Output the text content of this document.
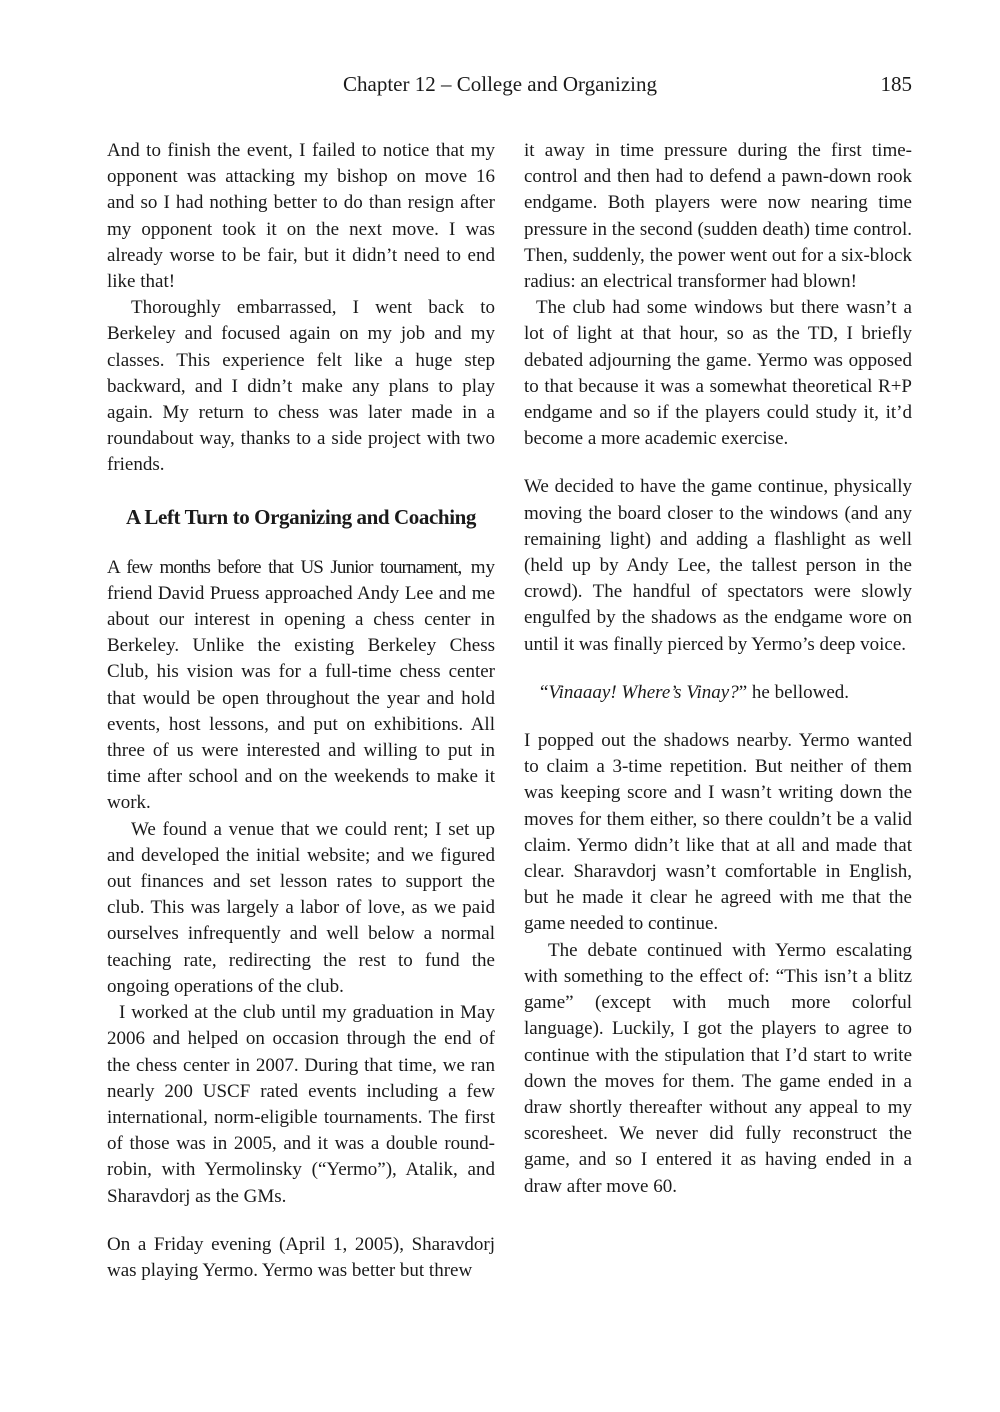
Chapter 12 – College and Organizing	185

And to finish the event, I failed to notice that my opponent was attacking my bishop on move 16 and so I had nothing better to do than resign after my opponent took it on the next move. I was already worse to be fair, but it didn’t need to end like that!

Thoroughly embarrassed, I went back to Berkeley and focused again on my job and my classes. This experience felt like a huge step backward, and I didn’t make any plans to play again. My return to chess was later made in a roundabout way, thanks to a side project with two friends.

A Left Turn to Organizing and Coaching

A few months before that US Junior tournament, my friend David Pruess approached Andy Lee and me about our interest in opening a chess center in Berkeley. Unlike the existing Berkeley Chess Club, his vision was for a full-time chess center that would be open throughout the year and hold events, host lessons, and put on exhibitions. All three of us were interested and willing to put in time after school and on the weekends to make it work.

We found a venue that we could rent; I set up and developed the initial website; and we figured out finances and set lesson rates to support the club. This was largely a labor of love, as we paid ourselves infrequently and well below a normal teaching rate, redirecting the rest to fund the ongoing operations of the club.

I worked at the club until my graduation in May 2006 and helped on occasion through the end of the chess center in 2007. During that time, we ran nearly 200 USCF rated events including a few international, norm-eligible tournaments. The first of those was in 2005, and it was a double round-robin, with Yermolinsky (“Yermo”), Atalik, and Sharavdorj as the GMs.

On a Friday evening (April 1, 2005), Sharavdorj was playing Yermo. Yermo was better but threw

it away in time pressure during the first time-control and then had to defend a pawn-down rook endgame. Both players were now nearing time pressure in the second (sudden death) time control. Then, suddenly, the power went out for a six-block radius: an electrical transformer had blown!

The club had some windows but there wasn’t a lot of light at that hour, so as the TD, I briefly debated adjourning the game. Yermo was opposed to that because it was a somewhat theoretical R+P endgame and so if the players could study it, it’d become a more academic exercise.

We decided to have the game continue, physically moving the board closer to the windows (and any remaining light) and adding a flashlight as well (held up by Andy Lee, the tallest person in the crowd). The handful of spectators were slowly engulfed by the shadows as the endgame wore on until it was finally pierced by Yermo’s deep voice.

“Vinaaay! Where’s Vinay?” he bellowed.

I popped out the shadows nearby. Yermo wanted to claim a 3-time repetition. But neither of them was keeping score and I wasn’t writing down the moves for them either, so there couldn’t be a valid claim. Yermo didn’t like that at all and made that clear. Sharavdorj wasn’t comfortable in English, but he made it clear he agreed with me that the game needed to continue.

The debate continued with Yermo escalating with something to the effect of: “This isn’t a blitz game” (except with much more colorful language). Luckily, I got the players to agree to continue with the stipulation that I’d start to write down the moves for them. The game ended in a draw shortly thereafter without any appeal to my scoresheet. We never did fully reconstruct the game, and so I entered it as having ended in a draw after move 60.
